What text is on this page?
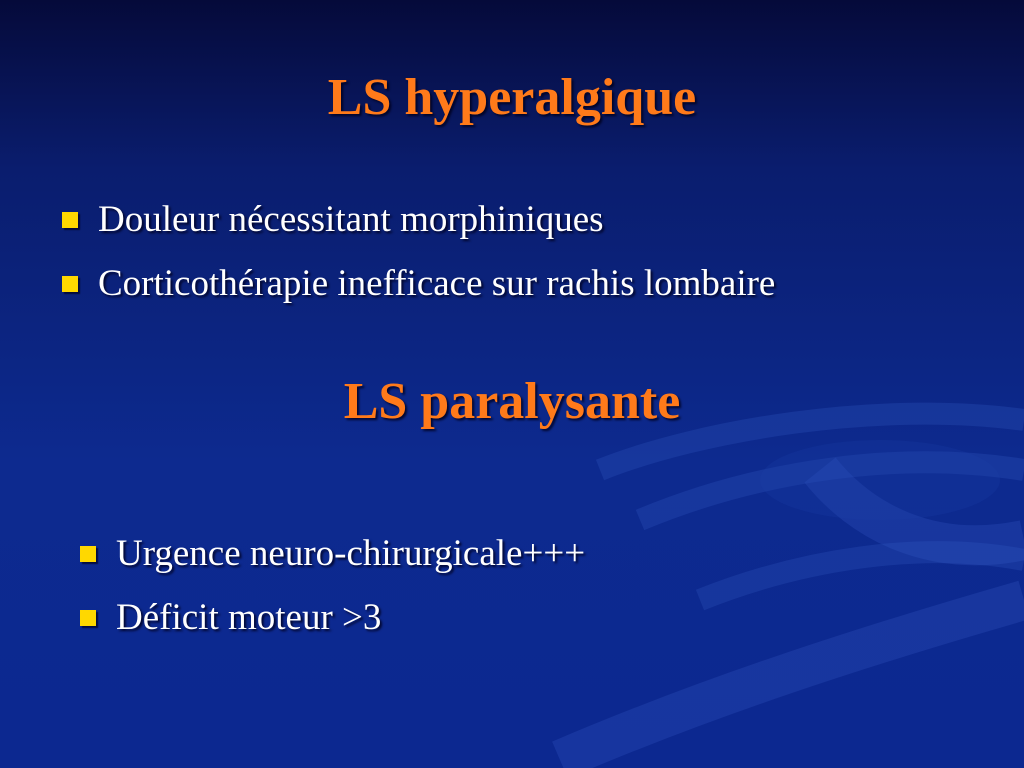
LS hyperalgique
Douleur nécessitant morphiniques
Corticothérapie inefficace sur rachis lombaire
LS paralysante
Urgence neuro-chirurgicale+++
Déficit moteur >3
